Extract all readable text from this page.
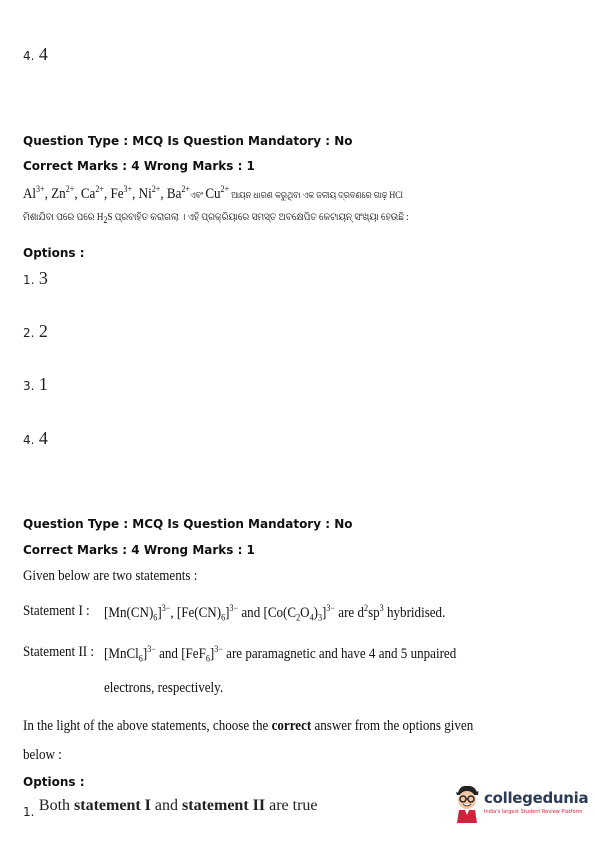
4. 4
Question Type : MCQ Is Question Mandatory : No
Correct Marks : 4 Wrong Marks : 1
$Al^{3+}$, $Zn^{2+}$, $Ca^{2+}$, $Fe^{3+}$, $Ni^{2+}$, $Ba^{2+}ଏବଂ$ $Cu^{2+}$ ଆୟନ ଧାରଣ କରୁଥିବା ଏକ ଜଳୀୟ ଦ୍ରବଣରେ ଗାଢ଼ HCl
ମିଶାଯିବା ପରେ ପରେ $H_2S$ ପ୍ରବାହିତ କରାଗଲା । ଏହି ପ୍ରକ୍ରିୟାରେ ସମସ୍ତ ଅବକ୍ଷେପିତ କେଟାୟନ୍ ସଂଖ୍ୟା ହେଉଛି :
Options :
1. 3
2. 2
3. 1
4. 4
Question Type : MCQ Is Question Mandatory : No
Correct Marks : 4 Wrong Marks : 1
Given below are two statements :
Statement I : $[Mn(CN)_6]^{3-}$, $[Fe(CN)_6]^{3-}$ and $[Co(C_2O_4)_3]^{3-}$ are $d^2sp^3$ hybridised.
Statement II : [MnCl$_6$]$^{3-}$ and $[FeF_6]^{3-}$ are paramagnetic and have 4 and 5 unpaired
electrons, respectively.
In the light of the above statements, choose the correct answer from the options given
below :
Options :
$_{1.}$ Both statement I and statement II are true	collegedunia
India's largest Student Review Platform
